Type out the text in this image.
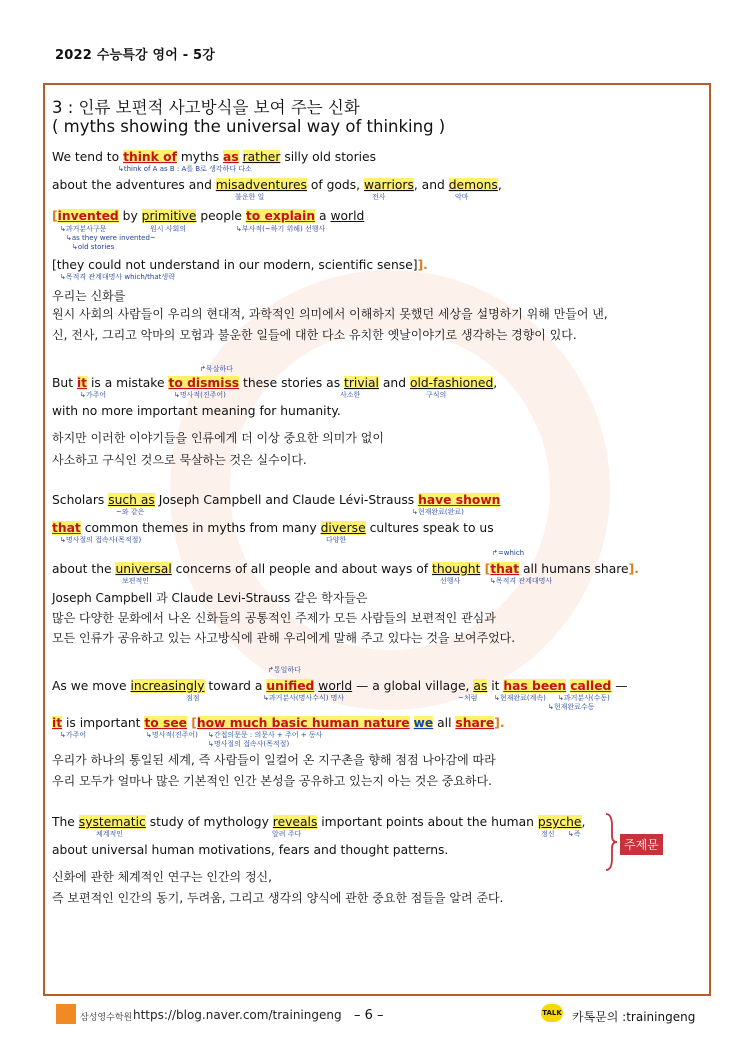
2022 수능특강 영어 - 5강
3 : 인류 보편적 사고방식을 보여 주는 신화
( myths showing the universal way of thinking )
We tend to think of myths as rather silly old stories
↳think of A as B : A를 B로 생각하다 다소
about the adventures and misadventures of gods, warriors, and demons,
불운한 일	전사	악마
[invented by primitive people to explain a world
↳과거분사구문	원시 사회의	↳부사적(~하기 위해) 선행사
↳as they were invented~
↳old stories
[they could not understand in our modern, scientific sense]].
↳목적격 관계대명사 which/that생략
우리는 신화를
원시 사회의 사람들이 우리의 현대적, 과학적인 의미에서 이해하지 못했던 세상을 설명하기 위해 만들어 낸,
신, 전사, 그리고 악마의 모험과 불운한 일들에 대한 다소 유치한 옛날이야기로 생각하는 경향이 있다.
↱묵살하다
But it is a mistake to dismiss these stories as trivial and old-fashioned,
↳가주어	↳명사적(진주어)	사소한	구식의
with no more important meaning for humanity.
하지만 이러한 이야기들을 인류에게 더 이상 중요한 의미가 없이
사소하고 구식인 것으로 묵살하는 것은 실수이다.
Scholars such as Joseph Campbell and Claude Lévi-Strauss have shown
~와 같은	↳현재완료(완료)
that common themes in myths from many diverse cultures speak to us
↳명사절의 접속사(목적절)	다양한
↱=which
about the universal concerns of all people and about ways of thought [that all humans share].
보편적인	선행사	↳목적격 관계대명사
Joseph Campbell 과 Claude Levi-Strauss 같은 학자들은
많은 다양한 문화에서 나온 신화들의 공통적인 주제가 모든 사람들의 보편적인 관심과
모든 인류가 공유하고 있는 사고방식에 관해 우리에게 말해 주고 있다는 것을 보여주었다.
↱통일하다
As we move increasingly toward a unified world — a global village, as it has been called —
점점	↳과거분사(명사수식) 명사	~처럼 ↳현재완료(계속) ↳과거분사(수동)
↳현재완료수동
it is important to see [how much basic human nature we all share].
↳가주어	↳명사적(진주어) ↳간접의문문 : 의문사 + 주어 + 동사
↳명사절의 접속사(목적절)
우리가 하나의 통일된 세계, 즉 사람들이 일컬어 온 지구촌을 향해 점점 나아감에 따라
우리 모두가 얼마나 많은 기본적인 인간 본성을 공유하고 있는지 아는 것은 중요하다.
The systematic study of mythology reveals important points about the human psyche,
체계적인	알려 주다	정신 ↳즉
about universal human motivations, fears and thought patterns.	주제문
신화에 관한 체계적인 연구는 인간의 정신,
즉 보편적인 인간의 동기, 두려움, 그리고 생각의 양식에 관한 중요한 점들을 알려 준다.
삼성영수학원 https://blog.naver.com/trainingeng – 6 –	TALK 카톡문의 :trainingeng
